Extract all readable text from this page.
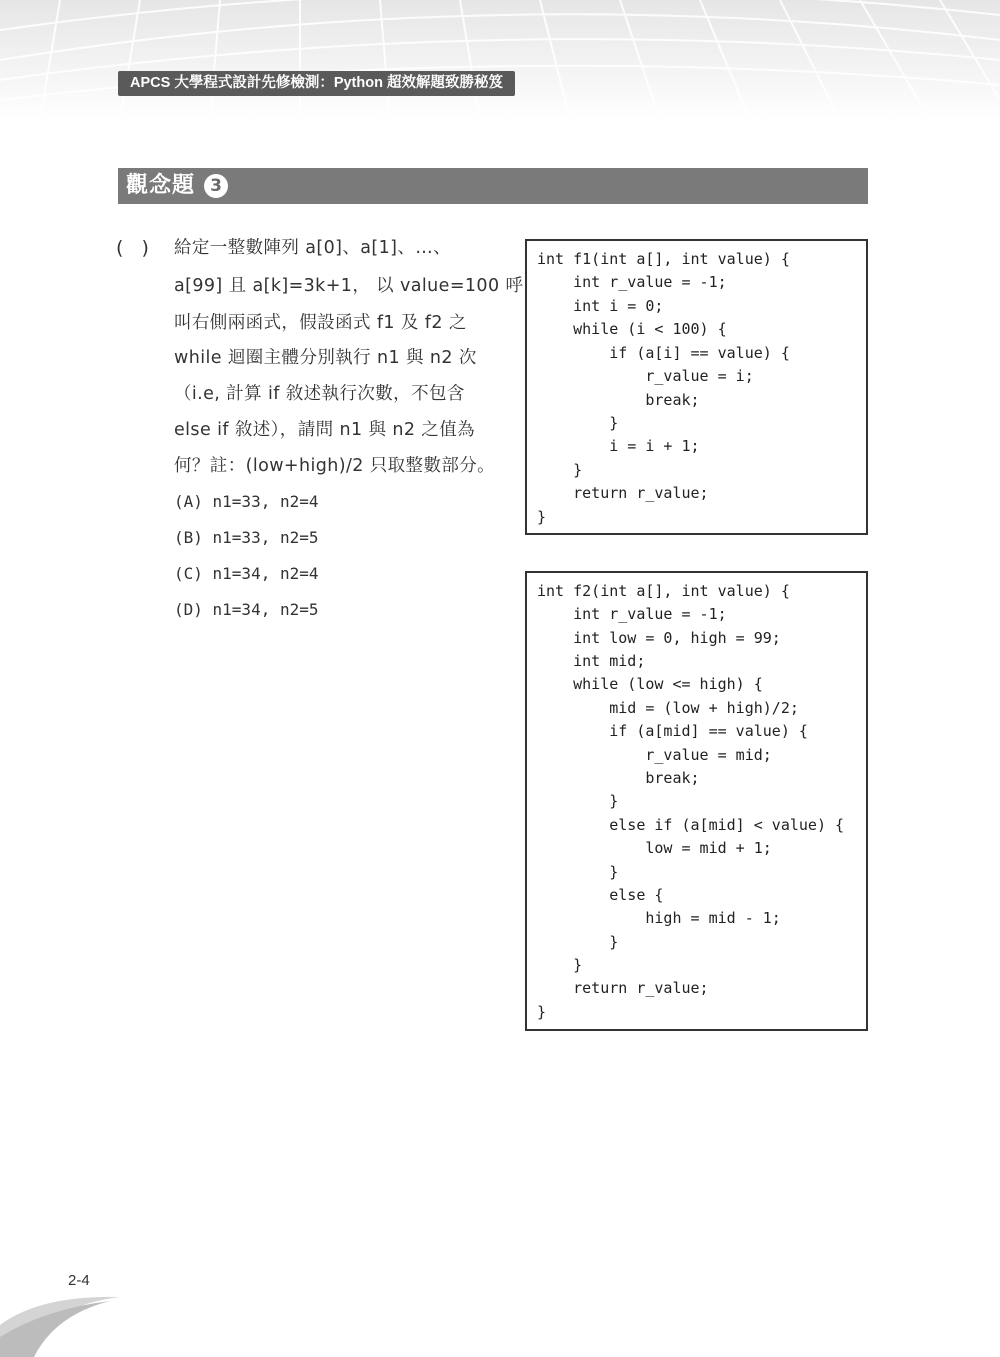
APCS 大學程式設計先修檢測：Python 超效解題致勝秘笈
觀念題 3
(   ) 給定一整數陣列 a[0]、a[1]、…、
a[99] 且 a[k]=3k+1， 以 value=100 呼
叫右側兩函式，假設函式 f1 及 f2 之
while 迴圈主體分別執行 n1 與 n2 次
（i.e, 計算 if 敘述執行次數，不包含
else if 敘述），請問 n1 與 n2 之值為
何？註：(low+high)/2 只取整數部分。
(A) n1=33, n2=4
(B) n1=33, n2=5
(C) n1=34, n2=4
(D) n1=34, n2=5
int f1(int a[], int value) {
int r_value = -1;
int i = 0;
while (i < 100) {
if (a[i] == value) {
r_value = i;
break;
}
i = i + 1;
}
return r_value;
}
int f2(int a[], int value) {
int r_value = -1;
int low = 0, high = 99;
int mid;
while (low <= high) {
mid = (low + high)/2;
if (a[mid] == value) {
r_value = mid;
break;
}
else if (a[mid] < value) {
low = mid + 1;
}
else {
high = mid - 1;
}
}
return r_value;
}
2-4
